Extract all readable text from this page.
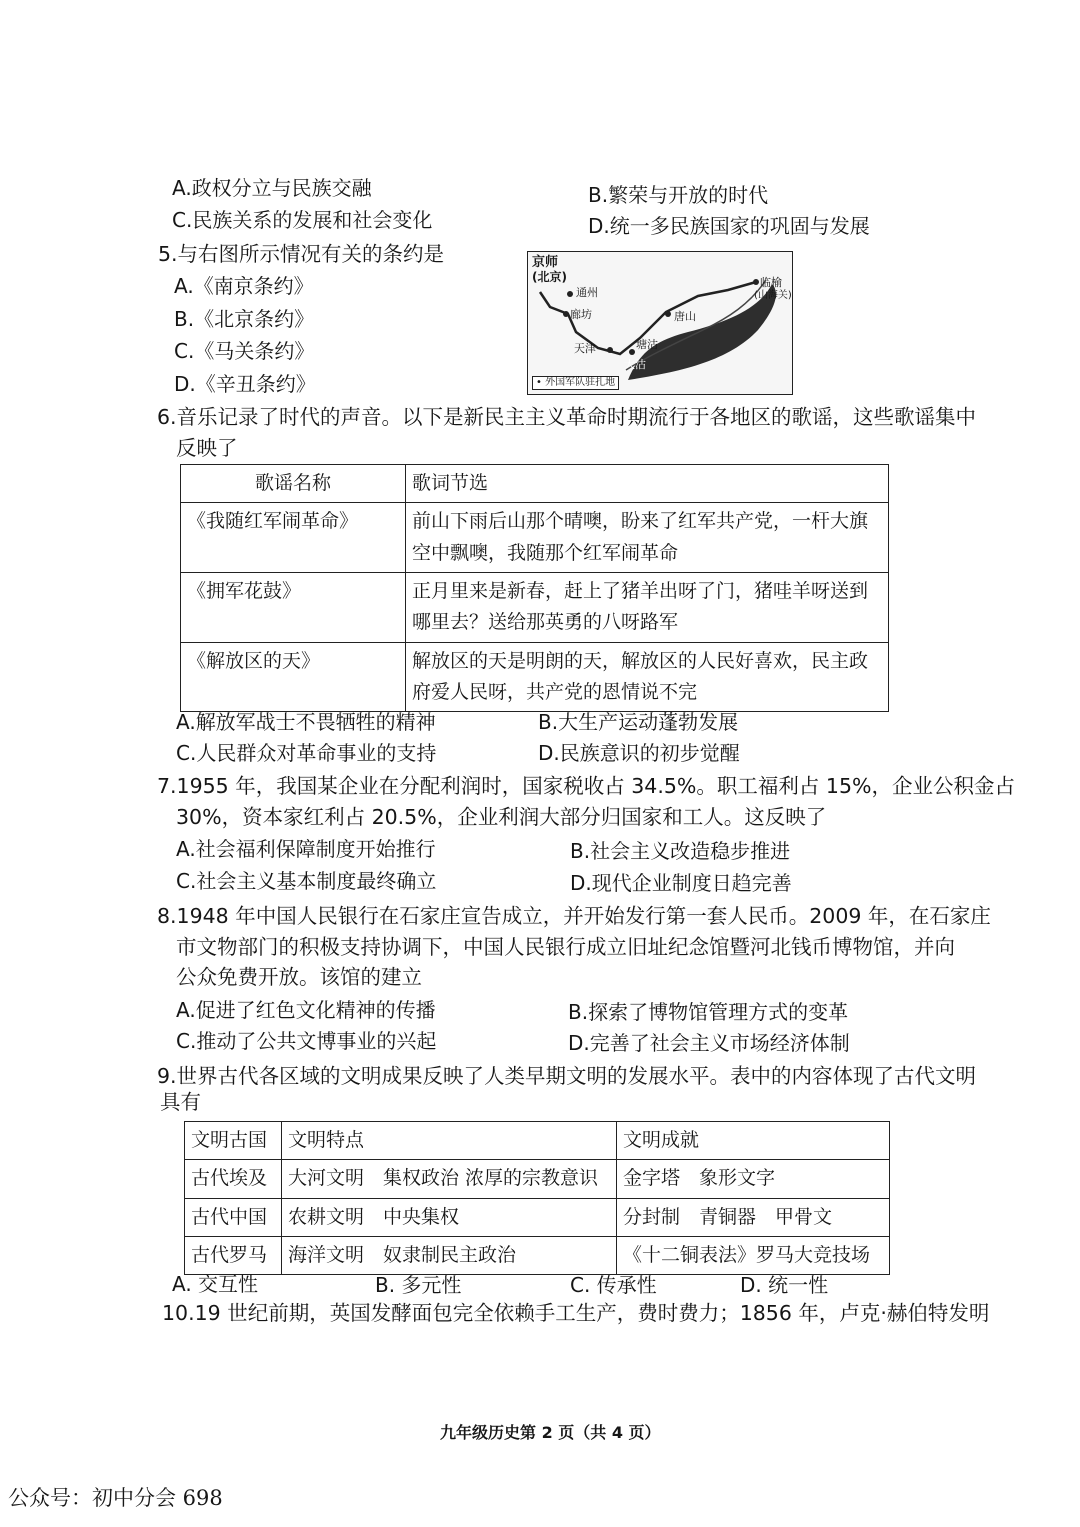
A.政权分立与民族交融	B.繁荣与开放的时代
C.民族关系的发展和社会变化	D.统一多民族国家的巩固与发展
5.与右图所示情况有关的条约是
A.《南京条约》
B.《北京条约》
C.《马关条约》
D.《辛丑条约》
京师
(北京)
通州
廊坊
天津	塘沽
唐山
临榆
(山海关)
大沽
• 外国军队驻扎地
6.音乐记录了时代的声音。以下是新民主主义革命时期流行于各地区的歌谣，这些歌谣集中
反映了
歌谣名称	歌词节选
《我随红军闹革命》	前山下雨后山那个晴噢，盼来了红军共产党，一杆大旗
空中飘噢，我随那个红军闹革命

《拥军花鼓》	正月里来是新春，赶上了猪羊出呀了门，猪哇羊呀送到
哪里去？送给那英勇的八呀路军

《解放区的天》	解放区的天是明朗的天，解放区的人民好喜欢，民主政
府爱人民呀，共产党的恩情说不完
A.解放军战士不畏牺牲的精神	B.大生产运动蓬勃发展
C.人民群众对革命事业的支持	D.民族意识的初步觉醒
7.1955 年，我国某企业在分配利润时，国家税收占 34.5%。职工福利占 15%，企业公积金占
30%，资本家红利占 20.5%，企业利润大部分归国家和工人。这反映了
A.社会福利保障制度开始推行	B.社会主义改造稳步推进
C.社会主义基本制度最终确立	D.现代企业制度日趋完善
8.1948 年中国人民银行在石家庄宣告成立，并开始发行第一套人民币。2009 年，在石家庄
市文物部门的积极支持协调下，中国人民银行成立旧址纪念馆暨河北钱币博物馆，并向
公众免费开放。该馆的建立
A.促进了红色文化精神的传播	B.探索了博物馆管理方式的变革
C.推动了公共文博事业的兴起	D.完善了社会主义市场经济体制
9.世界古代各区域的文明成果反映了人类早期文明的发展水平。表中的内容体现了古代文明
具有
文明古国	文明特点	文明成就
古代埃及	大河文明　集权政治 浓厚的宗教意识	金字塔　象形文字
古代中国	农耕文明　中央集权	分封制　青铜器　甲骨文
古代罗马	海洋文明　奴隶制民主政治	《十二铜表法》罗马大竞技场
A. 交互性	B. 多元性	C. 传承性	D. 统一性
10.19 世纪前期，英国发酵面包完全依赖手工生产，费时费力；1856 年，卢克·赫伯特发明
九年级历史第 2 页（共 4 页）
公众号：初中分会 698
